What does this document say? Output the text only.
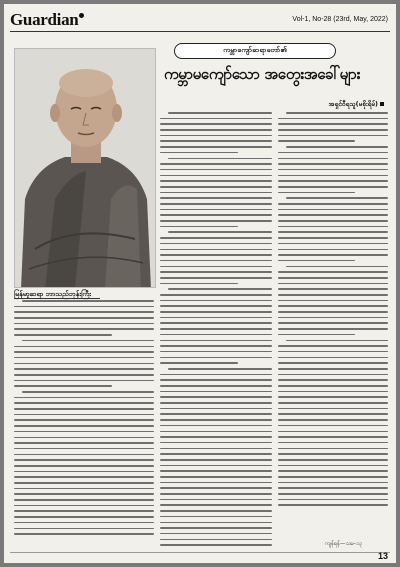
Guardian	Vol-1, No-28 (23rd, May, 2022)
ကမ္ဘာကျော်ဆရာတော်၏
ကမ္ဘာမကျော်သော အတွေးအခေါ်များ
အရှင်ဝီရသူ(မစိုးရိမ်)
မြန်မာ့ဆရာ ဘာသည်ဘုန်းကြီး
ကျန်ရန်—သမ-၁၃
13
